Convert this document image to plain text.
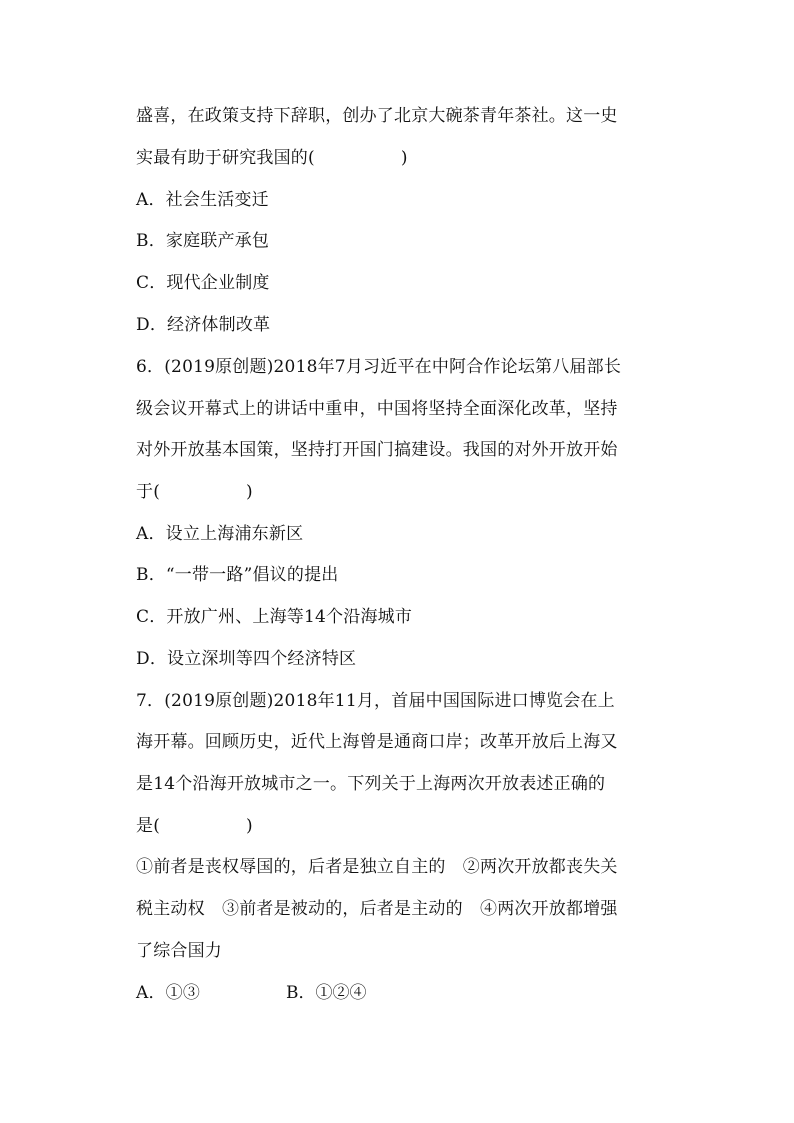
盛喜，在政策支持下辞职，创办了北京大碗茶青年茶社。这一史
实最有助于研究我国的(　　　　　)
A．社会生活变迁
B．家庭联产承包
C．现代企业制度
D．经济体制改革
6．(2019原创题)2018年7月习近平在中阿合作论坛第八届部长
级会议开幕式上的讲话中重申，中国将坚持全面深化改革，坚持
对外开放基本国策，坚持打开国门搞建设。我国的对外开放开始
于(　　　　　)
A．设立上海浦东新区
B．“一带一路”倡议的提出
C．开放广州、上海等14个沿海城市
D．设立深圳等四个经济特区
7．(2019原创题)2018年11月，首届中国国际进口博览会在上
海开幕。回顾历史，近代上海曾是通商口岸；改革开放后上海又
是14个沿海开放城市之一。下列关于上海两次开放表述正确的
是(　　　　　)
①前者是丧权辱国的，后者是独立自主的　②两次开放都丧失关
税主动权　③前者是被动的，后者是主动的　④两次开放都增强
了综合国力
A．①③	B．①②④
